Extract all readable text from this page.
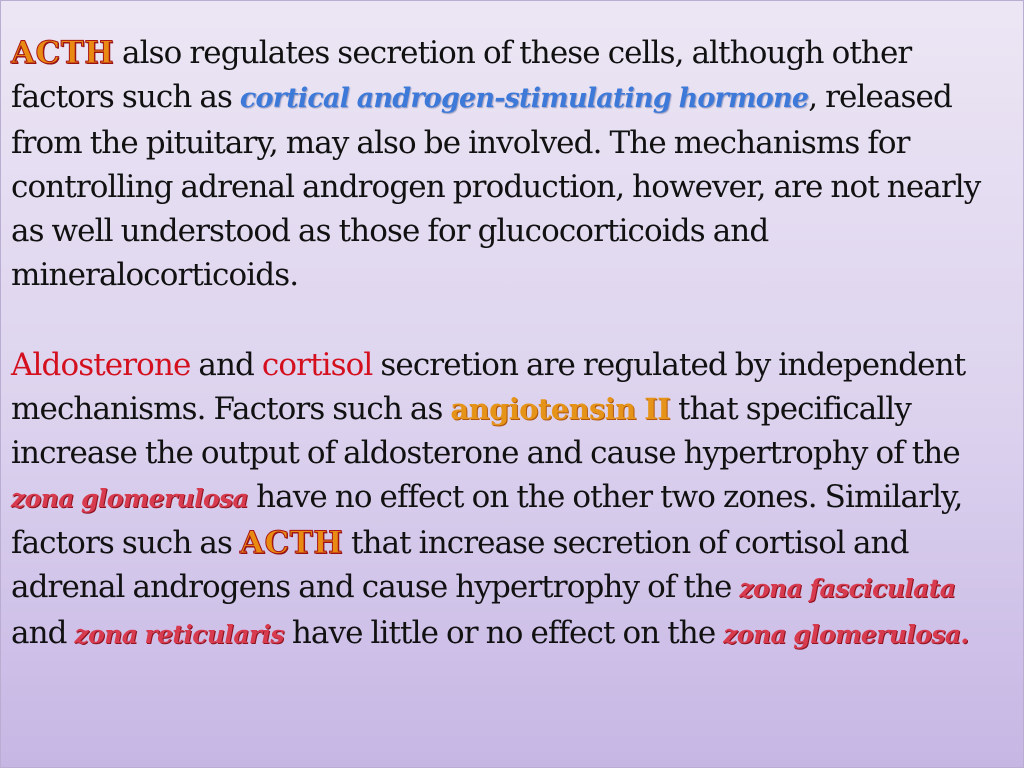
ACTH also regulates secretion of these cells, although other factors such as cortical androgen-stimulating hormone, released from the pituitary, may also be involved. The mechanisms for controlling adrenal androgen production, however, are not nearly as well understood as those for glucocorticoids and mineralocorticoids.

Aldosterone and cortisol secretion are regulated by independent mechanisms. Factors such as angiotensin II that specifically increase the output of aldosterone and cause hypertrophy of the zona glomerulosa have no effect on the other two zones. Similarly, factors such as ACTH that increase secretion of cortisol and adrenal androgens and cause hypertrophy of the zona fasciculata and zona reticularis have little or no effect on the zona glomerulosa.
